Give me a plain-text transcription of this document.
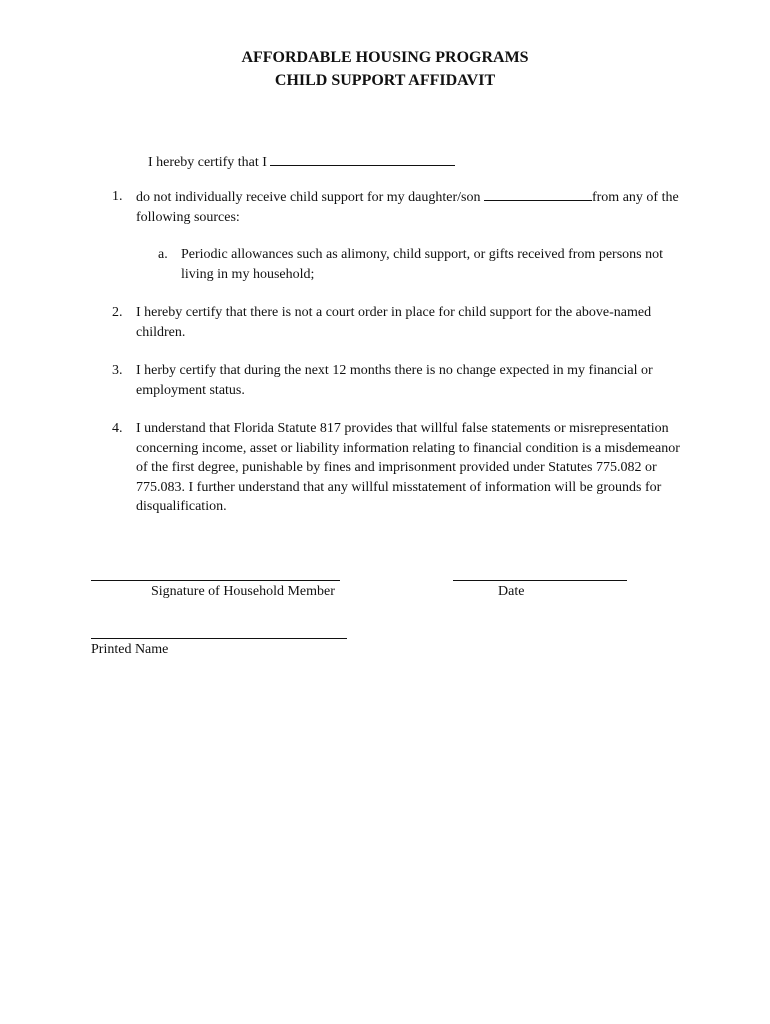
AFFORDABLE HOUSING PROGRAMS
CHILD SUPPORT AFFIDAVIT
I hereby certify that I
1. do not individually receive child support for my daughter/son	from any of the following sources:
a. Periodic allowances such as alimony, child support, or gifts received from persons not living in my household;
2. I hereby certify that there is not a court order in place for child support for the above-named children.
3. I herby certify that during the next 12 months there is no change expected in my financial or employment status.
4. I understand that Florida Statute 817 provides that willful false statements or misrepresentation concerning income, asset or liability information relating to financial condition is a misdemeanor of the first degree, punishable by fines and imprisonment provided under Statutes 775.082 or 775.083. I further understand that any willful misstatement of information will be grounds for disqualification.
Signature of Household Member	Date
Printed Name
